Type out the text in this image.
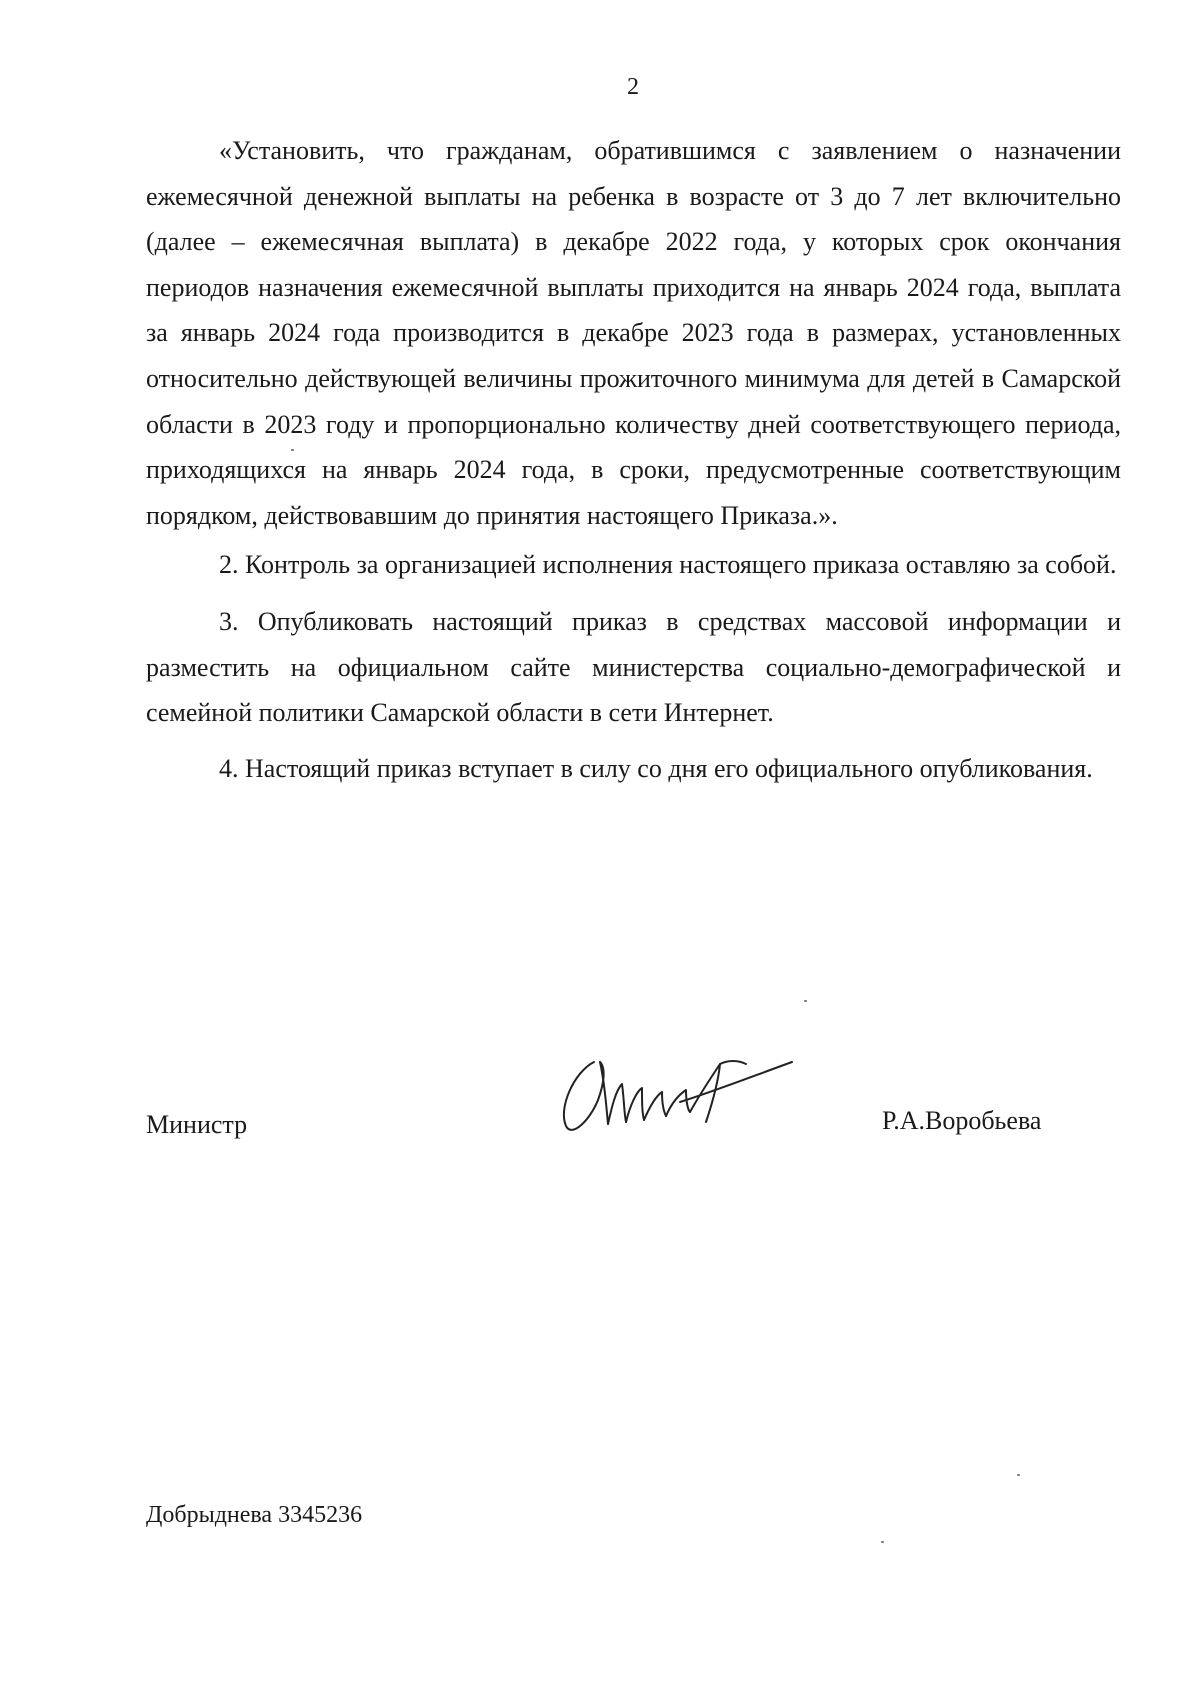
2

«Установить, что гражданам, обратившимся с заявлением о назначении ежемесячной денежной выплаты на ребенка в возрасте от 3 до 7 лет включительно (далее – ежемесячная выплата) в декабре 2022 года, у которых срок окончания периодов назначения ежемесячной выплаты приходится на январь 2024 года, выплата за январь 2024 года производится в декабре 2023 года в размерах, установленных относительно действующей величины прожиточного минимума для детей в Самарской области в 2023 году и пропорционально количеству дней соответствующего периода, приходящихся на январь 2024 года, в сроки, предусмотренные соответствующим порядком, действовавшим до принятия настоящего Приказа.».

2. Контроль за организацией исполнения настоящего приказа оставляю за собой.

3. Опубликовать настоящий приказ в средствах массовой информации и разместить на официальном сайте министерства социально-демографической и семейной политики Самарской области в сети Интернет.

4. Настоящий приказ вступает в силу со дня его официального опубликования.

Министр	Р.А.Воробьева
Добрыднева 3345236
